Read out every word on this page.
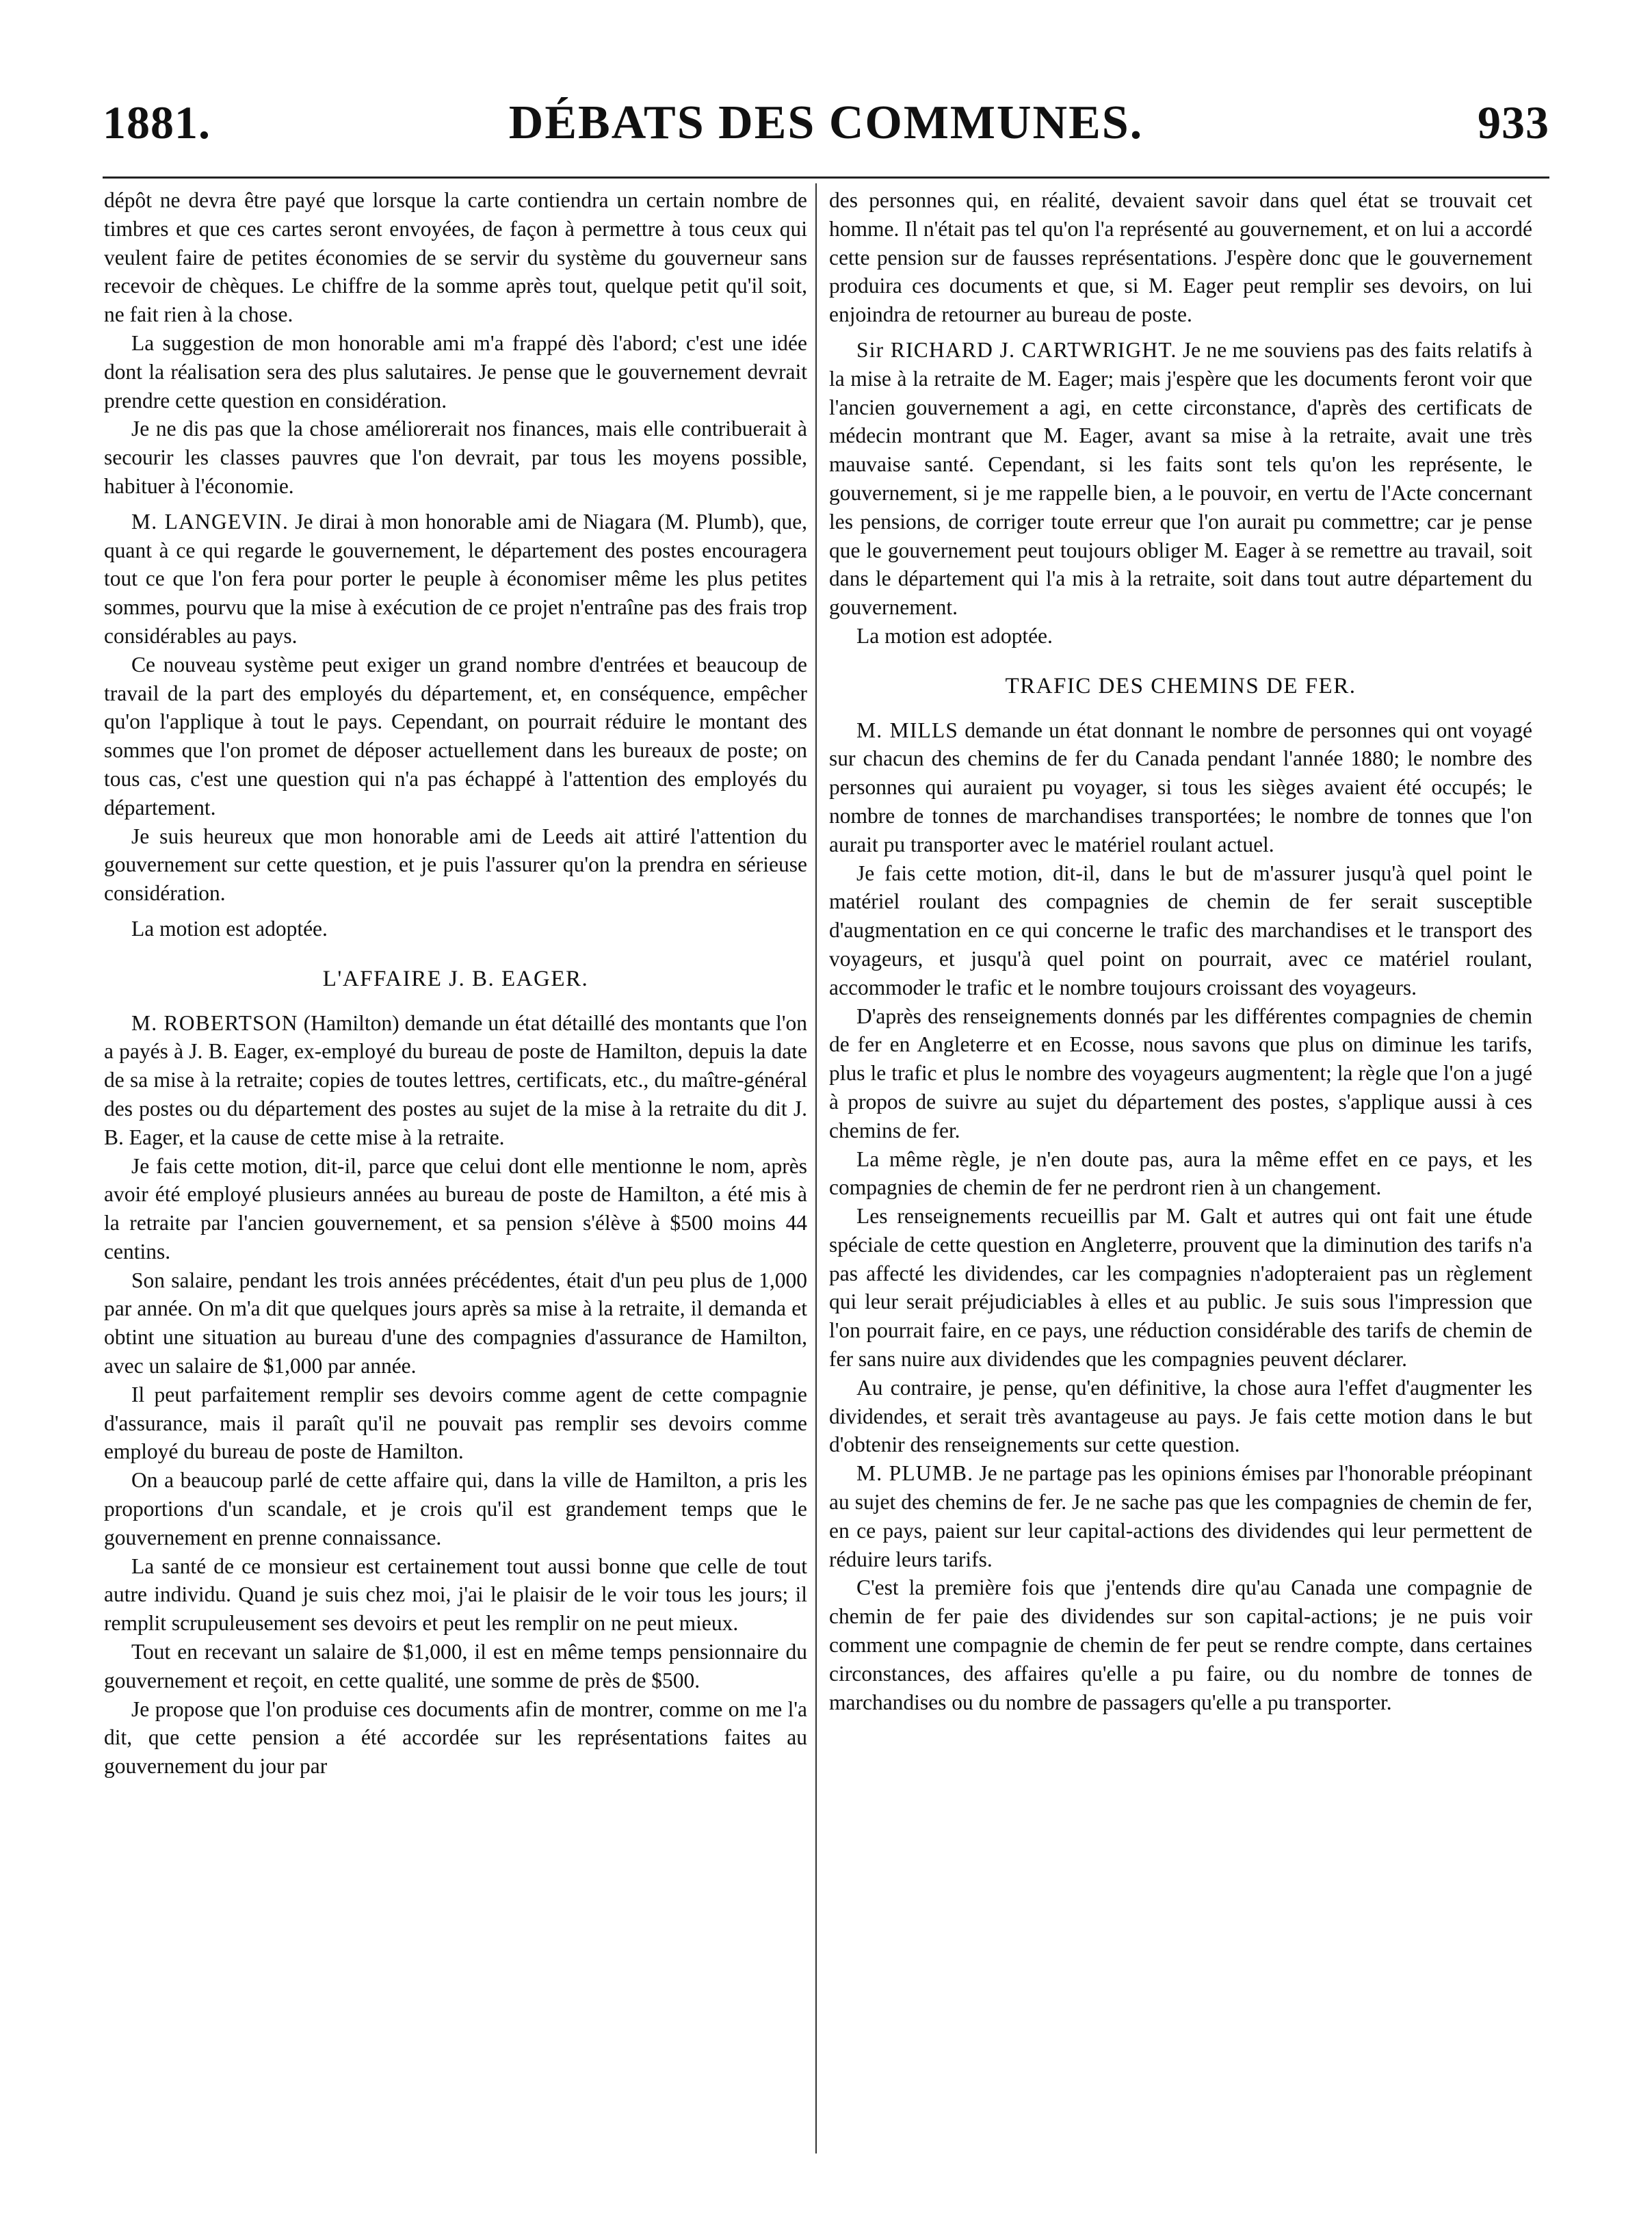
1881.	DÉBATS DES COMMUNES.	933

dépôt ne devra être payé que lorsque la carte contiendra un certain nombre de timbres et que ces cartes seront envoyées, de façon à permettre à tous ceux qui veulent faire de petites économies de se servir du système du gouverneur sans recevoir de chèques. Le chiffre de la somme après tout, quelque petit qu'il soit, ne fait rien à la chose.

La suggestion de mon honorable ami m'a frappé dès l'abord; c'est une idée dont la réalisation sera des plus salutaires. Je pense que le gouvernement devrait prendre cette question en considération.

Je ne dis pas que la chose améliorerait nos finances, mais elle contribuerait à secourir les classes pauvres que l'on devrait, par tous les moyens possible, habituer à l'économie.

M. LANGEVIN. Je dirai à mon honorable ami de Niagara (M. Plumb), que, quant à ce qui regarde le gouvernement, le département des postes encouragera tout ce que l'on fera pour porter le peuple à économiser même les plus petites sommes, pourvu que la mise à exécution de ce projet n'entraîne pas des frais trop considérables au pays.

Ce nouveau système peut exiger un grand nombre d'entrées et beaucoup de travail de la part des employés du département, et, en conséquence, empêcher qu'on l'applique à tout le pays. Cependant, on pourrait réduire le montant des sommes que l'on promet de déposer actuellement dans les bureaux de poste; on tous cas, c'est une question qui n'a pas échappé à l'attention des employés du département.

Je suis heureux que mon honorable ami de Leeds ait attiré l'attention du gouvernement sur cette question, et je puis l'assurer qu'on la prendra en sérieuse considération.

La motion est adoptée.

L'AFFAIRE J. B. EAGER.

M. ROBERTSON (Hamilton) demande un état détaillé des montants que l'on a payés à J. B. Eager, ex-employé du bureau de poste de Hamilton, depuis la date de sa mise à la retraite; copies de toutes lettres, certificats, etc., du maître-général des postes ou du département des postes au sujet de la mise à la retraite du dit J. B. Eager, et la cause de cette mise à la retraite.

Je fais cette motion, dit-il, parce que celui dont elle mentionne le nom, après avoir été employé plusieurs années au bureau de poste de Hamilton, a été mis à la retraite par l'ancien gouvernement, et sa pension s'élève à $500 moins 44 centins.

Son salaire, pendant les trois années précédentes, était d'un peu plus de 1,000 par année. On m'a dit que quelques jours après sa mise à la retraite, il demanda et obtint une situation au bureau d'une des compagnies d'assurance de Hamilton, avec un salaire de $1,000 par année.

Il peut parfaitement remplir ses devoirs comme agent de cette compagnie d'assurance, mais il paraît qu'il ne pouvait pas remplir ses devoirs comme employé du bureau de poste de Hamilton.

On a beaucoup parlé de cette affaire qui, dans la ville de Hamilton, a pris les proportions d'un scandale, et je crois qu'il est grandement temps que le gouvernement en prenne connaissance.

La santé de ce monsieur est certainement tout aussi bonne que celle de tout autre individu. Quand je suis chez moi, j'ai le plaisir de le voir tous les jours; il remplit scrupuleusement ses devoirs et peut les remplir on ne peut mieux.

Tout en recevant un salaire de $1,000, il est en même temps pensionnaire du gouvernement et reçoit, en cette qualité, une somme de près de $500.

Je propose que l'on produise ces documents afin de montrer, comme on me l'a dit, que cette pension a été accordée sur les représentations faites au gouvernement du jour par

des personnes qui, en réalité, devaient savoir dans quel état se trouvait cet homme. Il n'était pas tel qu'on l'a représenté au gouvernement, et on lui a accordé cette pension sur de fausses représentations. J'espère donc que le gouvernement produira ces documents et que, si M. Eager peut remplir ses devoirs, on lui enjoindra de retourner au bureau de poste.

Sir RICHARD J. CARTWRIGHT. Je ne me souviens pas des faits relatifs à la mise à la retraite de M. Eager; mais j'espère que les documents feront voir que l'ancien gouvernement a agi, en cette circonstance, d'après des certificats de médecin montrant que M. Eager, avant sa mise à la retraite, avait une très mauvaise santé. Cependant, si les faits sont tels qu'on les représente, le gouvernement, si je me rappelle bien, a le pouvoir, en vertu de l'Acte concernant les pensions, de corriger toute erreur que l'on aurait pu commettre; car je pense que le gouvernement peut toujours obliger M. Eager à se remettre au travail, soit dans le département qui l'a mis à la retraite, soit dans tout autre département du gouvernement.

La motion est adoptée.

TRAFIC DES CHEMINS DE FER.

M. MILLS demande un état donnant le nombre de personnes qui ont voyagé sur chacun des chemins de fer du Canada pendant l'année 1880; le nombre des personnes qui auraient pu voyager, si tous les sièges avaient été occupés; le nombre de tonnes de marchandises transportées; le nombre de tonnes que l'on aurait pu transporter avec le matériel roulant actuel.

Je fais cette motion, dit-il, dans le but de m'assurer jusqu'à quel point le matériel roulant des compagnies de chemin de fer serait susceptible d'augmentation en ce qui concerne le trafic des marchandises et le transport des voyageurs, et jusqu'à quel point on pourrait, avec ce matériel roulant, accommoder le trafic et le nombre toujours croissant des voyageurs.

D'après des renseignements donnés par les différentes compagnies de chemin de fer en Angleterre et en Ecosse, nous savons que plus on diminue les tarifs, plus le trafic et plus le nombre des voyageurs augmentent; la règle que l'on a jugé à propos de suivre au sujet du département des postes, s'applique aussi à ces chemins de fer.

La même règle, je n'en doute pas, aura la même effet en ce pays, et les compagnies de chemin de fer ne perdront rien à un changement.

Les renseignements recueillis par M. Galt et autres qui ont fait une étude spéciale de cette question en Angleterre, prouvent que la diminution des tarifs n'a pas affecté les dividendes, car les compagnies n'adopteraient pas un règlement qui leur serait préjudiciables à elles et au public. Je suis sous l'impression que l'on pourrait faire, en ce pays, une réduction considérable des tarifs de chemin de fer sans nuire aux dividendes que les compagnies peuvent déclarer.

Au contraire, je pense, qu'en définitive, la chose aura l'effet d'augmenter les dividendes, et serait très avantageuse au pays. Je fais cette motion dans le but d'obtenir des renseignements sur cette question.

M. PLUMB. Je ne partage pas les opinions émises par l'honorable préopinant au sujet des chemins de fer. Je ne sache pas que les compagnies de chemin de fer, en ce pays, paient sur leur capital-actions des dividendes qui leur permettent de réduire leurs tarifs.

C'est la première fois que j'entends dire qu'au Canada une compagnie de chemin de fer paie des dividendes sur son capital-actions; je ne puis voir comment une compagnie de chemin de fer peut se rendre compte, dans certaines circonstances, des affaires qu'elle a pu faire, ou du nombre de tonnes de marchandises ou du nombre de passagers qu'elle a pu transporter.
